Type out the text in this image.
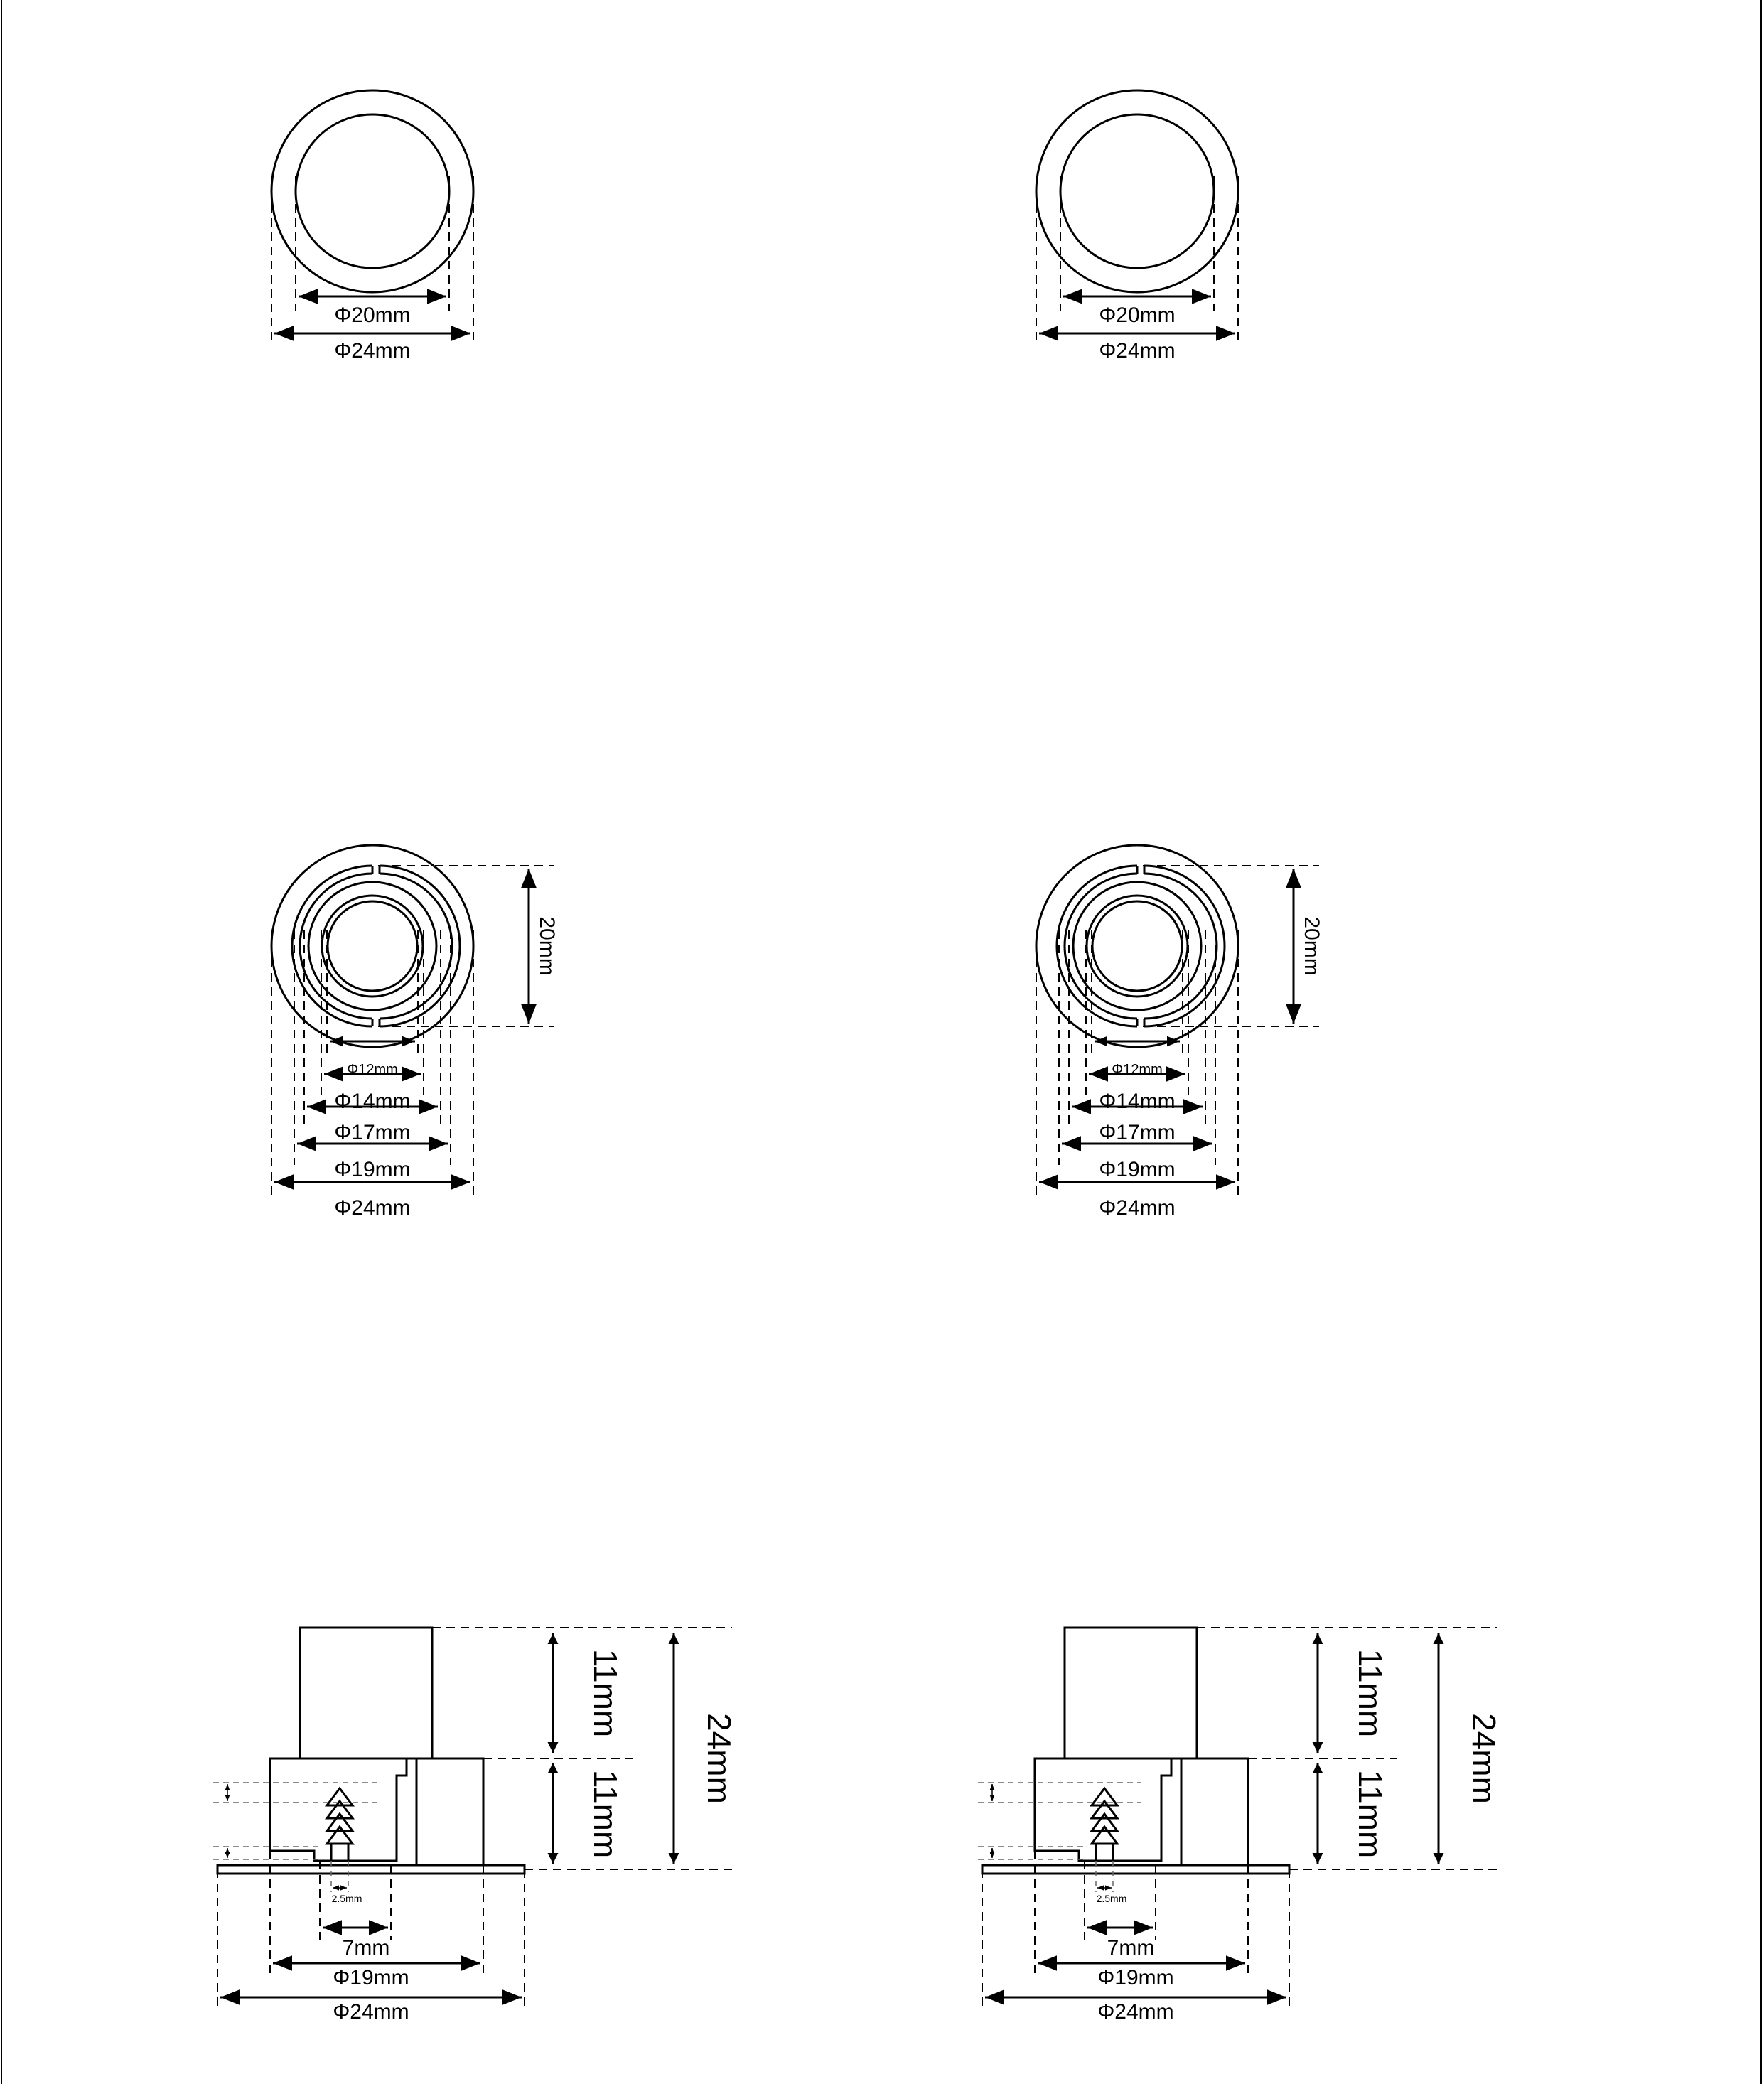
Φ20mm
Φ24mm
Φ20mm
Φ24mm
20mm
Φ12mm
Φ14mm
Φ17mm
Φ19mm
Φ24mm
20mm
Φ12mm
Φ14mm
Φ17mm
Φ19mm
Φ24mm
11mm
11mm
24mm
2.5mm
7mm
Φ19mm
Φ24mm
11mm
11mm
24mm
2.5mm
7mm
Φ19mm
Φ24mm
